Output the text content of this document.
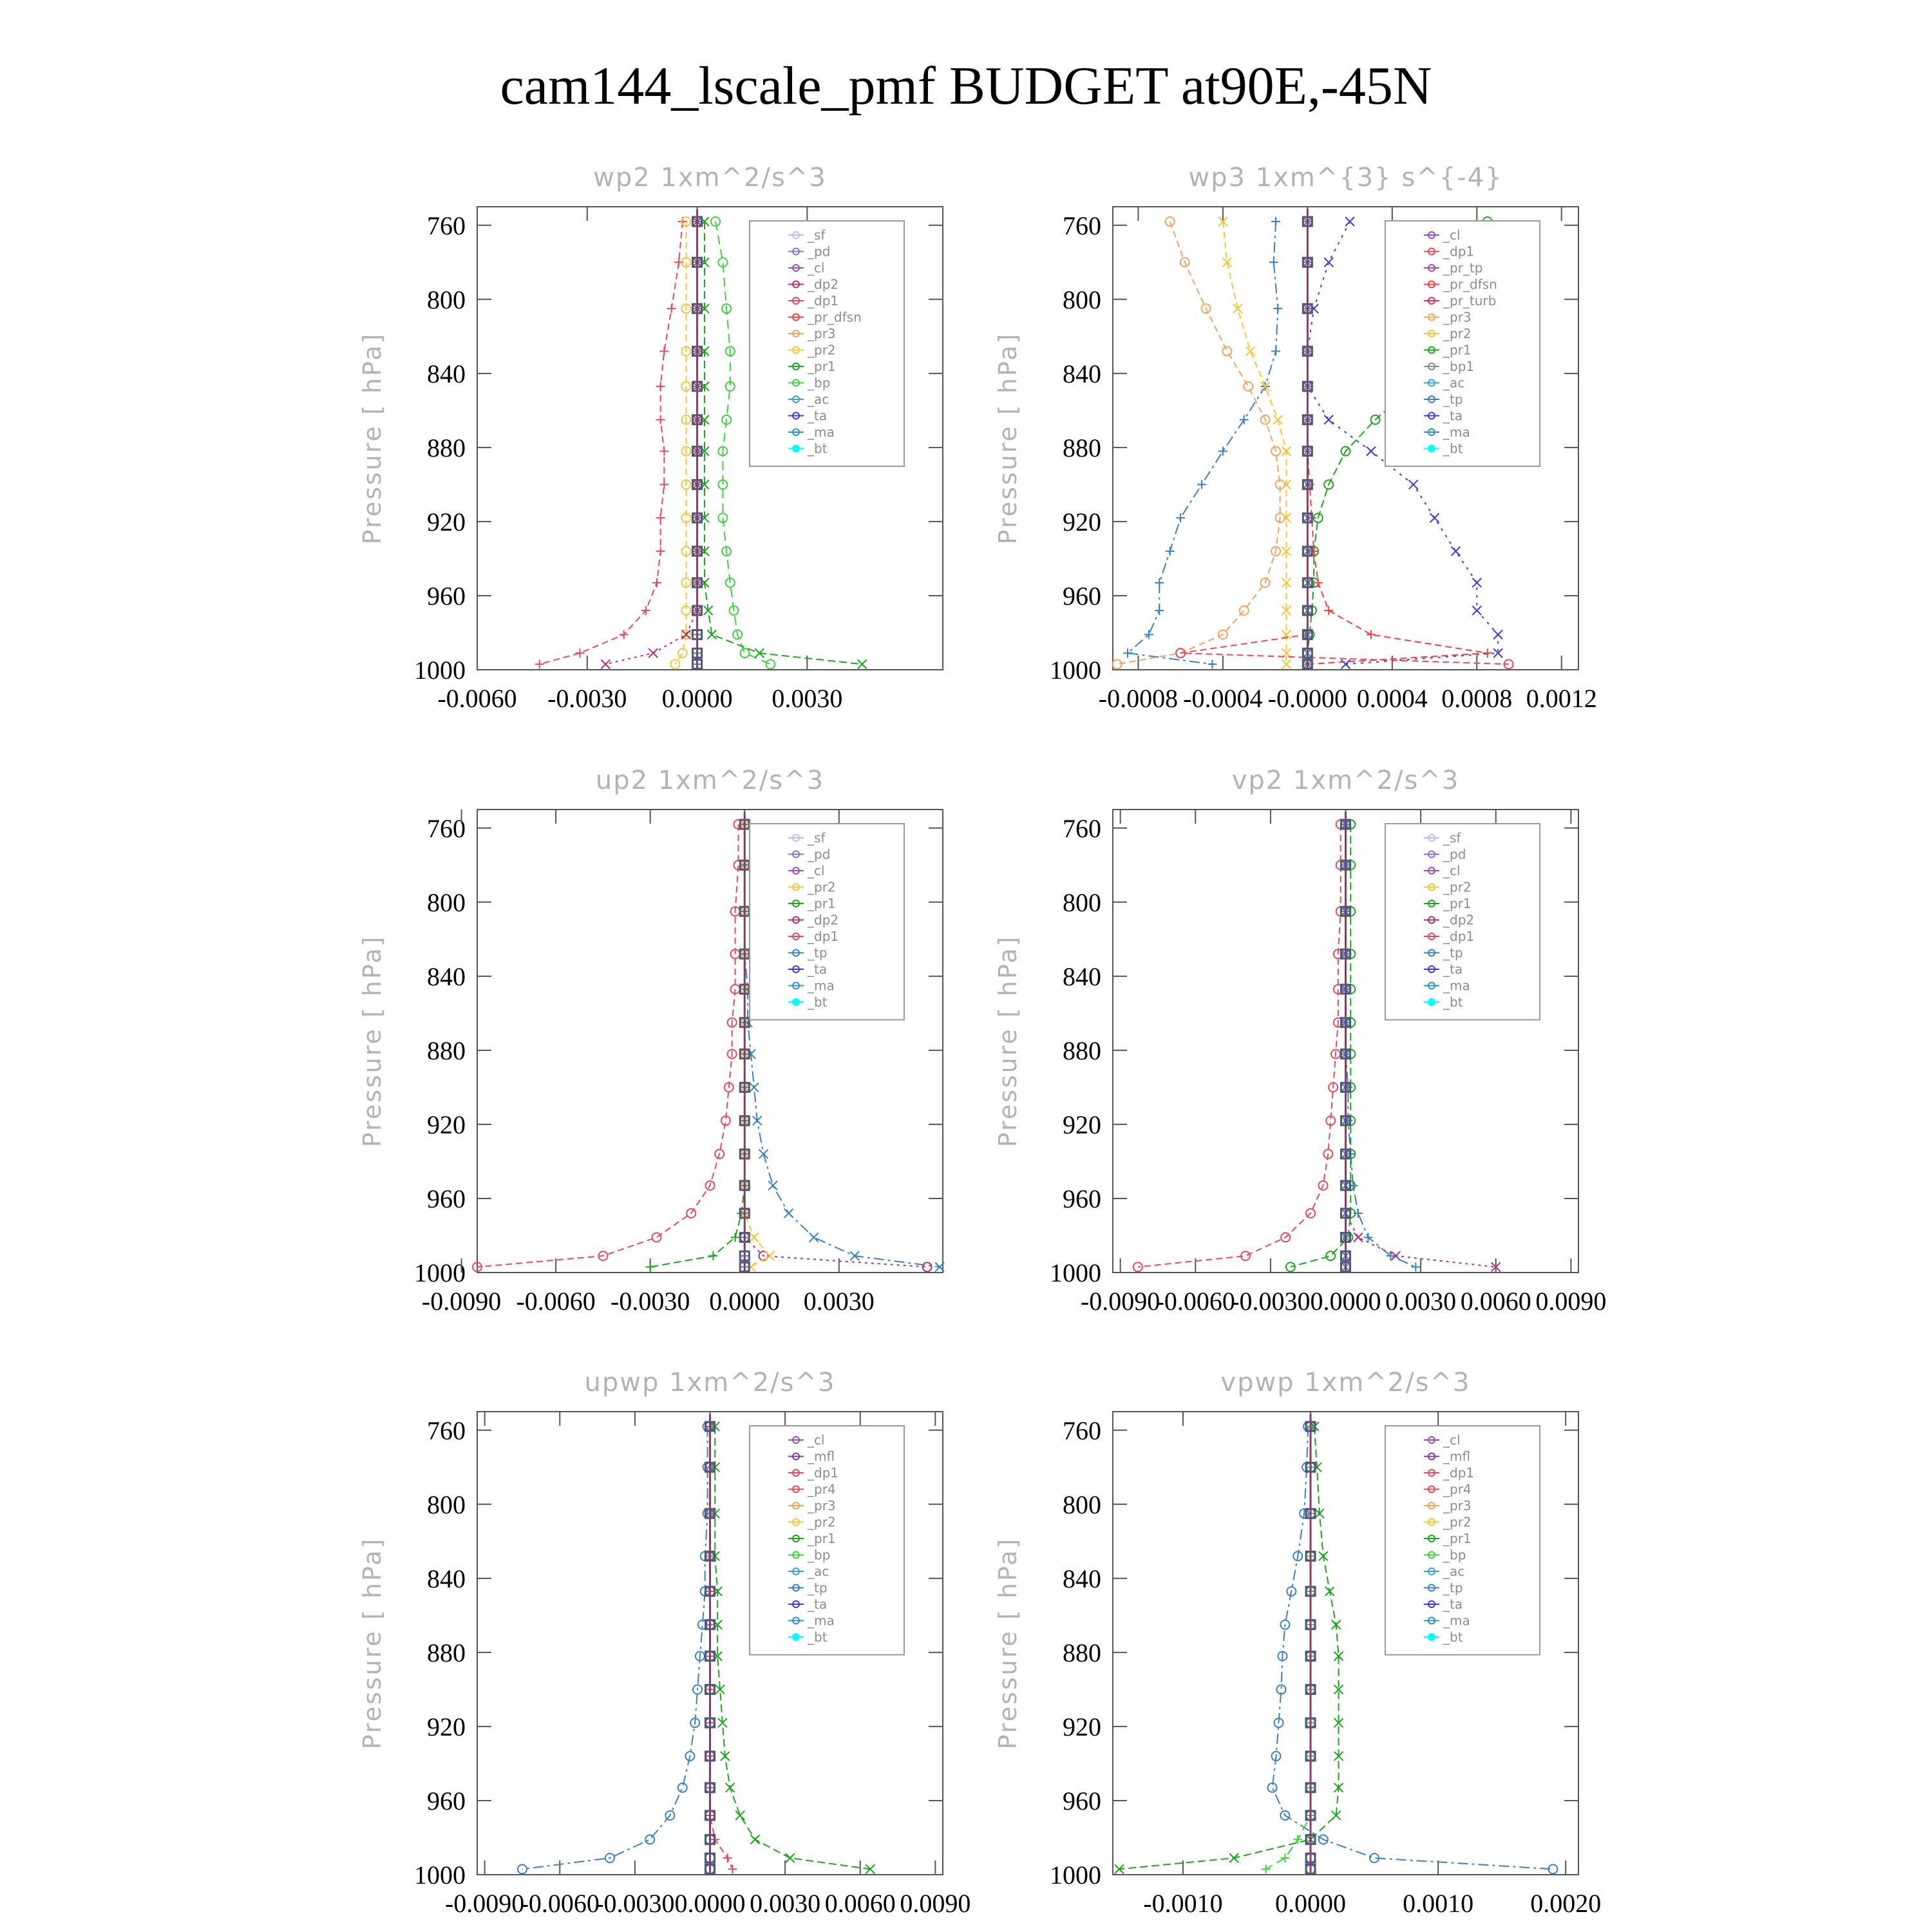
cam144_lscale_pmf BUDGET at90E,-45N
wp2 1xm^2/s^3
Pressure [ hPa]
760
800
840
880
920
960
1000
-0.0060 -0.0030 0.0000 0.0030
_sf
_pd
_cl
_dp2
_dp1
_pr_dfsn
_pr3
_pr2
_pr1
_bp
_ac
_ta
_ma
_bt
wp3 1xm^{3} s^{-4}
Pressure [ hPa]
760
800
840
880
920
960
1000
-0.0008 -0.0004 -0.0000 0.0004 0.0008 0.0012
_cl
_dp1
_pr_tp
_pr_dfsn
_pr_turb
_pr3
_pr2
_pr1
_bp1
_ac
_tp
_ta
_ma
_bt
up2 1xm^2/s^3
Pressure [ hPa]
760
800
840
880
920
960
1000
-0.0090 -0.0060 -0.0030 0.0000 0.0030
_sf
_pd
_cl
_pr2
_pr1
_dp2
_dp1
_tp
_ta
_ma
_bt
vp2 1xm^2/s^3
Pressure [ hPa]
760
800
840
880
920
960
1000
-0.0090
-0.0060
-0.0030 0.0000 0.0030 0.0060 0.0090
_sf
_pd
_cl
_pr2
_pr1
_dp2
_dp1
_tp
_ta
_ma
_bt
upwp 1xm^2/s^3
Pressure [ hPa]
760
800
840
880
920
960
1000
-0.0090
-0.0060
-0.0030 0.0000 0.0030 0.0060 0.0090
_cl
_mfl
_dp1
_pr4
_pr3
_pr2
_pr1
_bp
_ac
_tp
_ta
_ma
_bt
vpwp 1xm^2/s^3
Pressure [ hPa]
760
800
840
880
920
960
1000
-0.0010 0.0000 0.0010 0.0020
_cl
_mfl
_dp1
_pr4
_pr3
_pr2
_pr1
_bp
_ac
_tp
_ta
_ma
_bt
